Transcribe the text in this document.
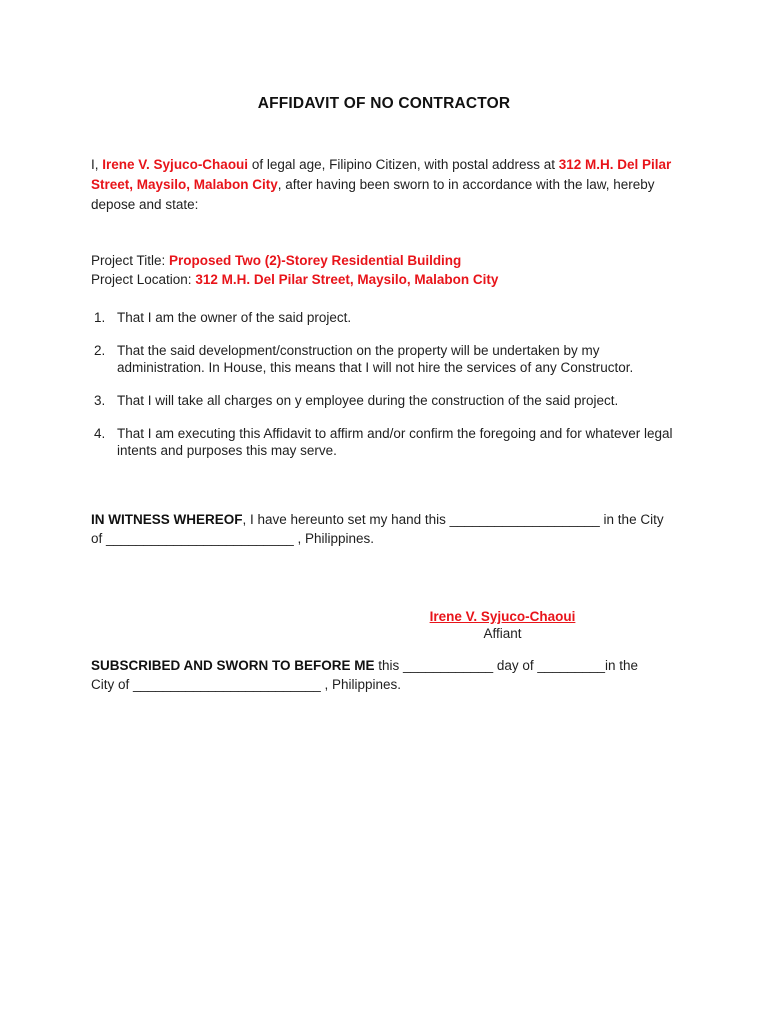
AFFIDAVIT OF NO CONTRACTOR
I, Irene V. Syjuco-Chaoui of legal age, Filipino Citizen, with postal address at 312 M.H. Del Pilar Street, Maysilo, Malabon City, after having been sworn to in accordance with the law, hereby depose and state:
Project Title: Proposed Two (2)-Storey Residential Building
Project Location: 312 M.H. Del Pilar Street, Maysilo, Malabon City
1. That I am the owner of the said project.
2. That the said development/construction on the property will be undertaken by my administration. In House, this means that I will not hire the services of any Constructor.
3. That I will take all charges on y employee during the construction of the said project.
4. That I am executing this Affidavit to affirm and/or confirm the foregoing and for whatever legal intents and purposes this may serve.
IN WITNESS WHEREOF, I have hereunto set my hand this ____________________ in the City
of _________________________ , Philippines.
Irene V. Syjuco-Chaoui
Affiant
SUBSCRIBED AND SWORN TO BEFORE ME this ____________ day of _________in the
City of _________________________ , Philippines.
